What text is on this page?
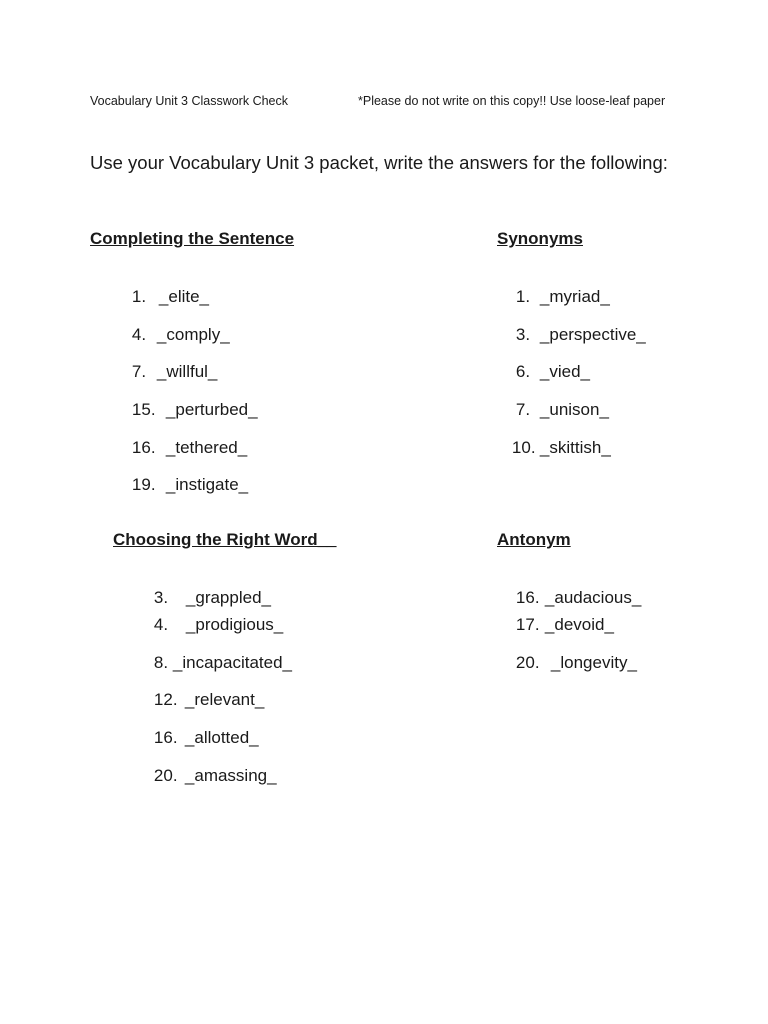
Vocabulary Unit 3 Classwork Check	*Please do not write on this copy!! Use loose-leaf paper
Use your Vocabulary Unit 3 packet, write the answers for the following:
Completing the Sentence

1. _elite_

4. _comply_

7. _willful_

15. _perturbed_

16. _tethered_

19. _instigate_

Synonyms

1. _myriad_

3. _perspective_

6. _vied_

7. _unison_

10. _skittish_

Choosing the Right Word__

3. _grappled_

4. _prodigious_

8. _incapacitated_

12. _relevant_

16. _allotted_

20. _amassing_

Antonym

16. _audacious_

17. _devoid_

20. _longevity_
